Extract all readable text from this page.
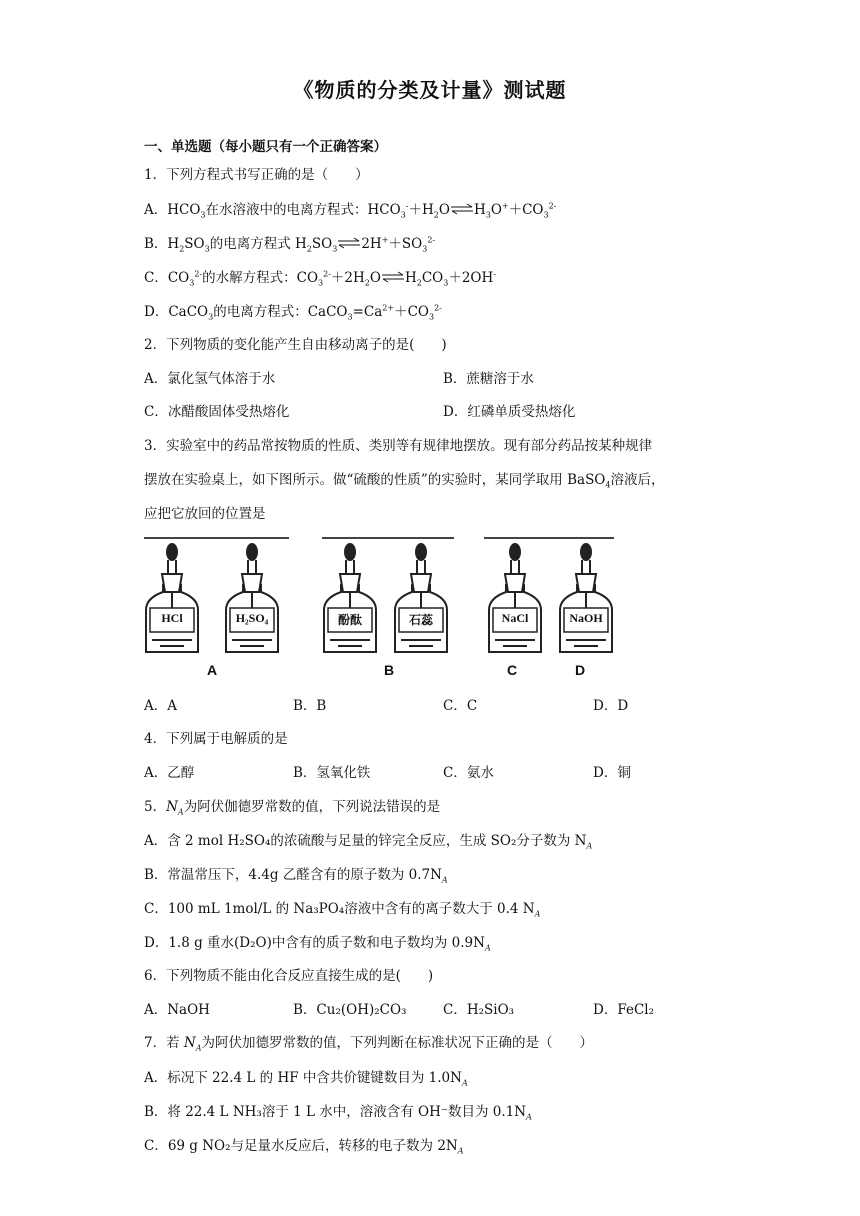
《物质的分类及计量》测试题
一、单选题（每小题只有一个正确答案）
1．下列方程式书写正确的是（　　）
A．$HCO_3$在水溶液中的电离方程式：$HCO_3^-+H_2O\rightleftharpoons H_3O^++CO_3^{2-}$
B．$H_2SO_3$的电离方程式 $H_2SO_3$ $\rightleftharpoons 2H^++SO_3^{2-}$
C．$CO_3^{2-}$的水解方程式：$CO_3^{2-}+2H_2O\rightleftharpoons H_2CO_3+2OH^-$
D．CaCO$_3$的电离方程式：$CaCO_3=Ca^{2+}+CO_3^{2-}$
2．下列物质的变化能产生自由移动离子的是(　　)
A．氯化氢气体溶于水	B．蔗糖溶于水
C．冰醋酸固体受热熔化	D．红磷单质受热熔化
3．实验室中的药品常按物质的性质、类别等有规律地摆放。现有部分药品按某种规律
摆放在实验桌上，如下图所示。做“硫酸的性质”的实验时，某同学取用 BaSO$_4$溶液后，
应把它放回的位置是
HCl	H₂SO₄	酚酞	石蕊	NaCl	NaOH
A	B	C	D
A．A	B．B	C．C	D．D
4．下列属于电解质的是
A．乙醇	B．氢氧化铁	C．氨水	D．铜
5．$N_A$为阿伏伽德罗常数的值，下列说法错误的是
A．含 2 mol H₂SO₄的浓硫酸与足量的锌完全反应，生成 SO₂分子数为 $N_A$
B．常温常压下，4.4g 乙醛含有的原子数为 $0.7N_A$
C．100 mL 1mol/L 的 Na₃PO₄溶液中含有的离子数大于 0.4 $N_A$
D．1.8 g 重水(D₂O)中含有的质子数和电子数均为 $0.9N_A$
6．下列物质不能由化合反应直接生成的是(　　)
A．NaOH	B．Cu₂(OH)₂CO₃	C．H₂SiO₃	D．FeCl₂
7．若 $N_A$为阿伏加德罗常数的值，下列判断在标准状况下正确的是（　　）
A．标况下 22.4 L 的 HF 中含共价键键数目为 $1.0N_A$
B．将 22.4 L NH₃溶于 1 L 水中，溶液含有 OH⁻数目为 $0.1N_A$
C．69 g NO₂与足量水反应后，转移的电子数为 $2N_A$
